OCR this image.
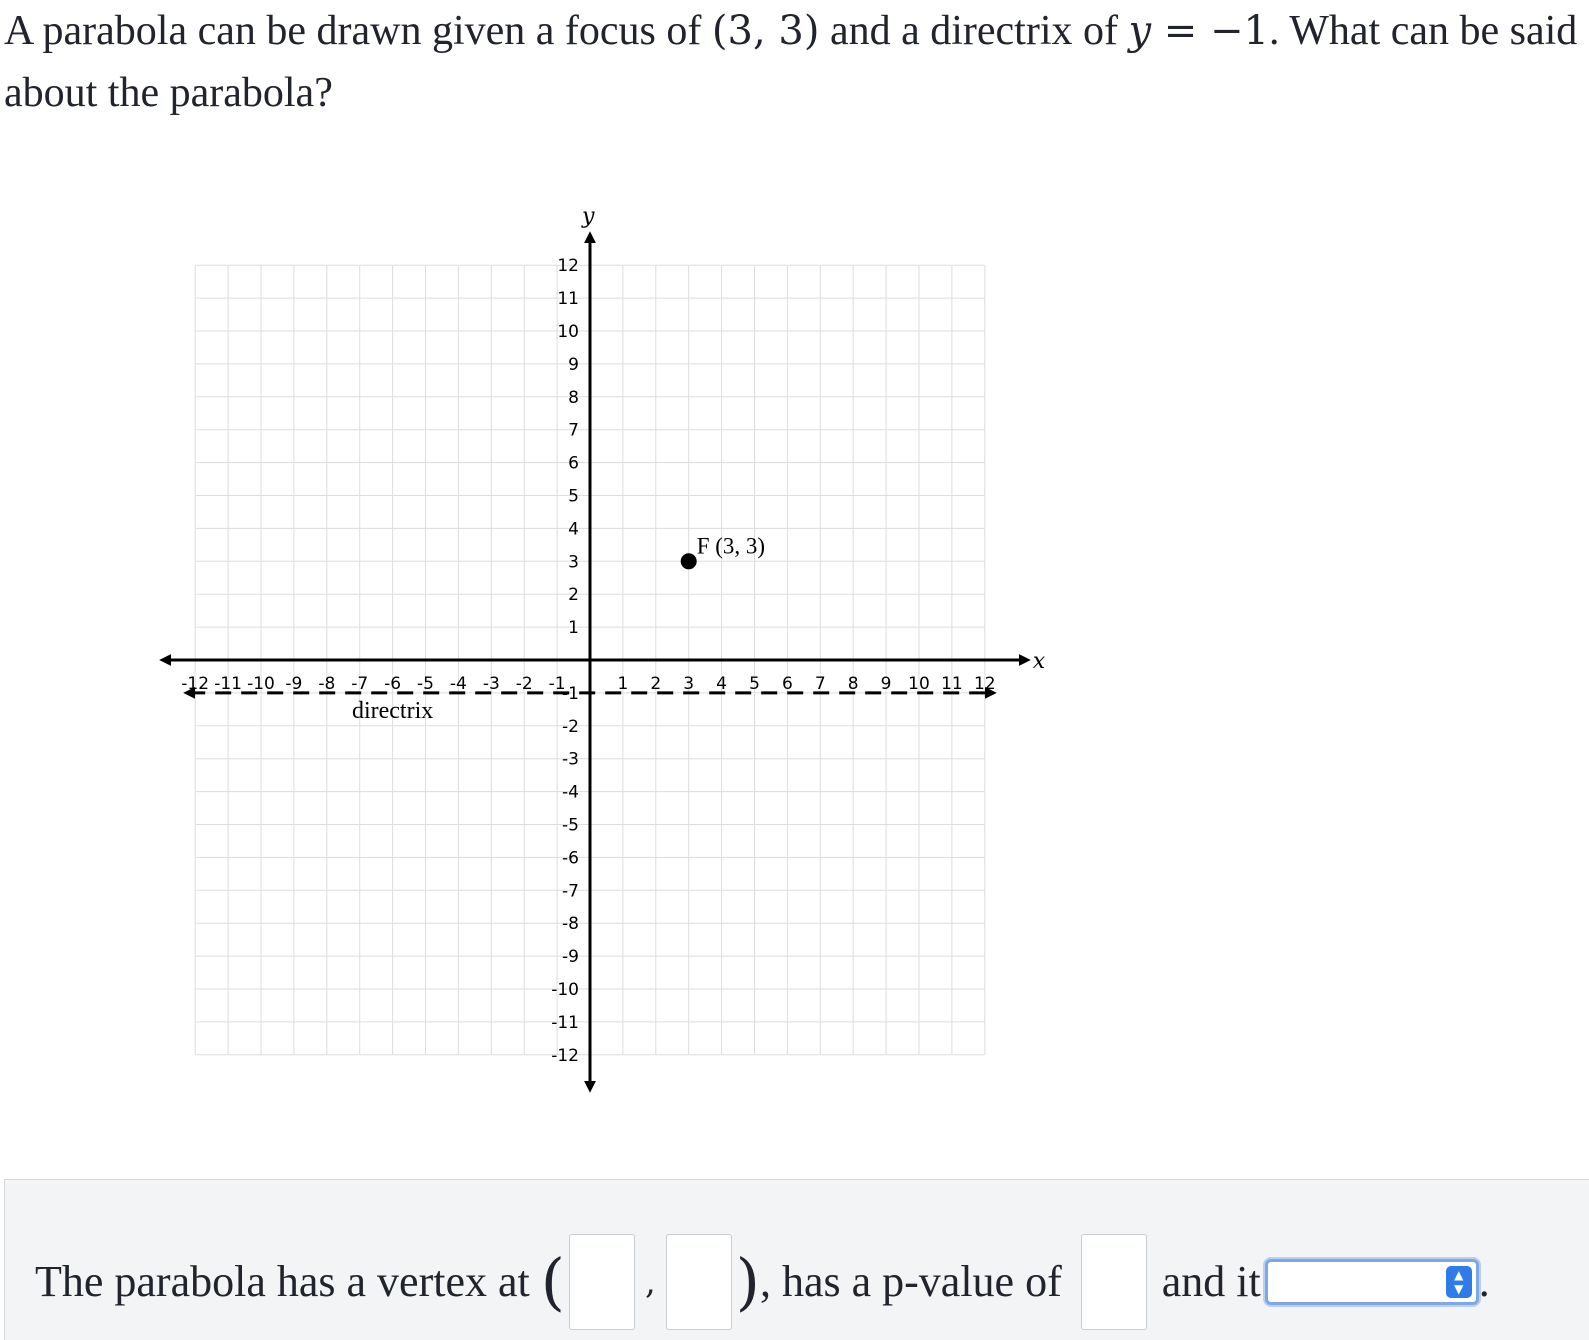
A parabola can be drawn given a focus of (3, 3) and a directrix of y = −1. What can be said about the parabola?
x
y
-12 -11 -10 -9 -8 -7 -6 -5 -4 -3 -2 -1	1 2 3 4 5 6 7 8 9 10 11 12
12
11
10
9
8
7
6
5
4
3
2
1
-1
-2
-3
-4
-5
-6
-7
-8
-9
-10
-11
-12
directrix
F (3, 3)
The parabola has a vertex at ( , ), has a p-value of  and it	▲
▼ .
